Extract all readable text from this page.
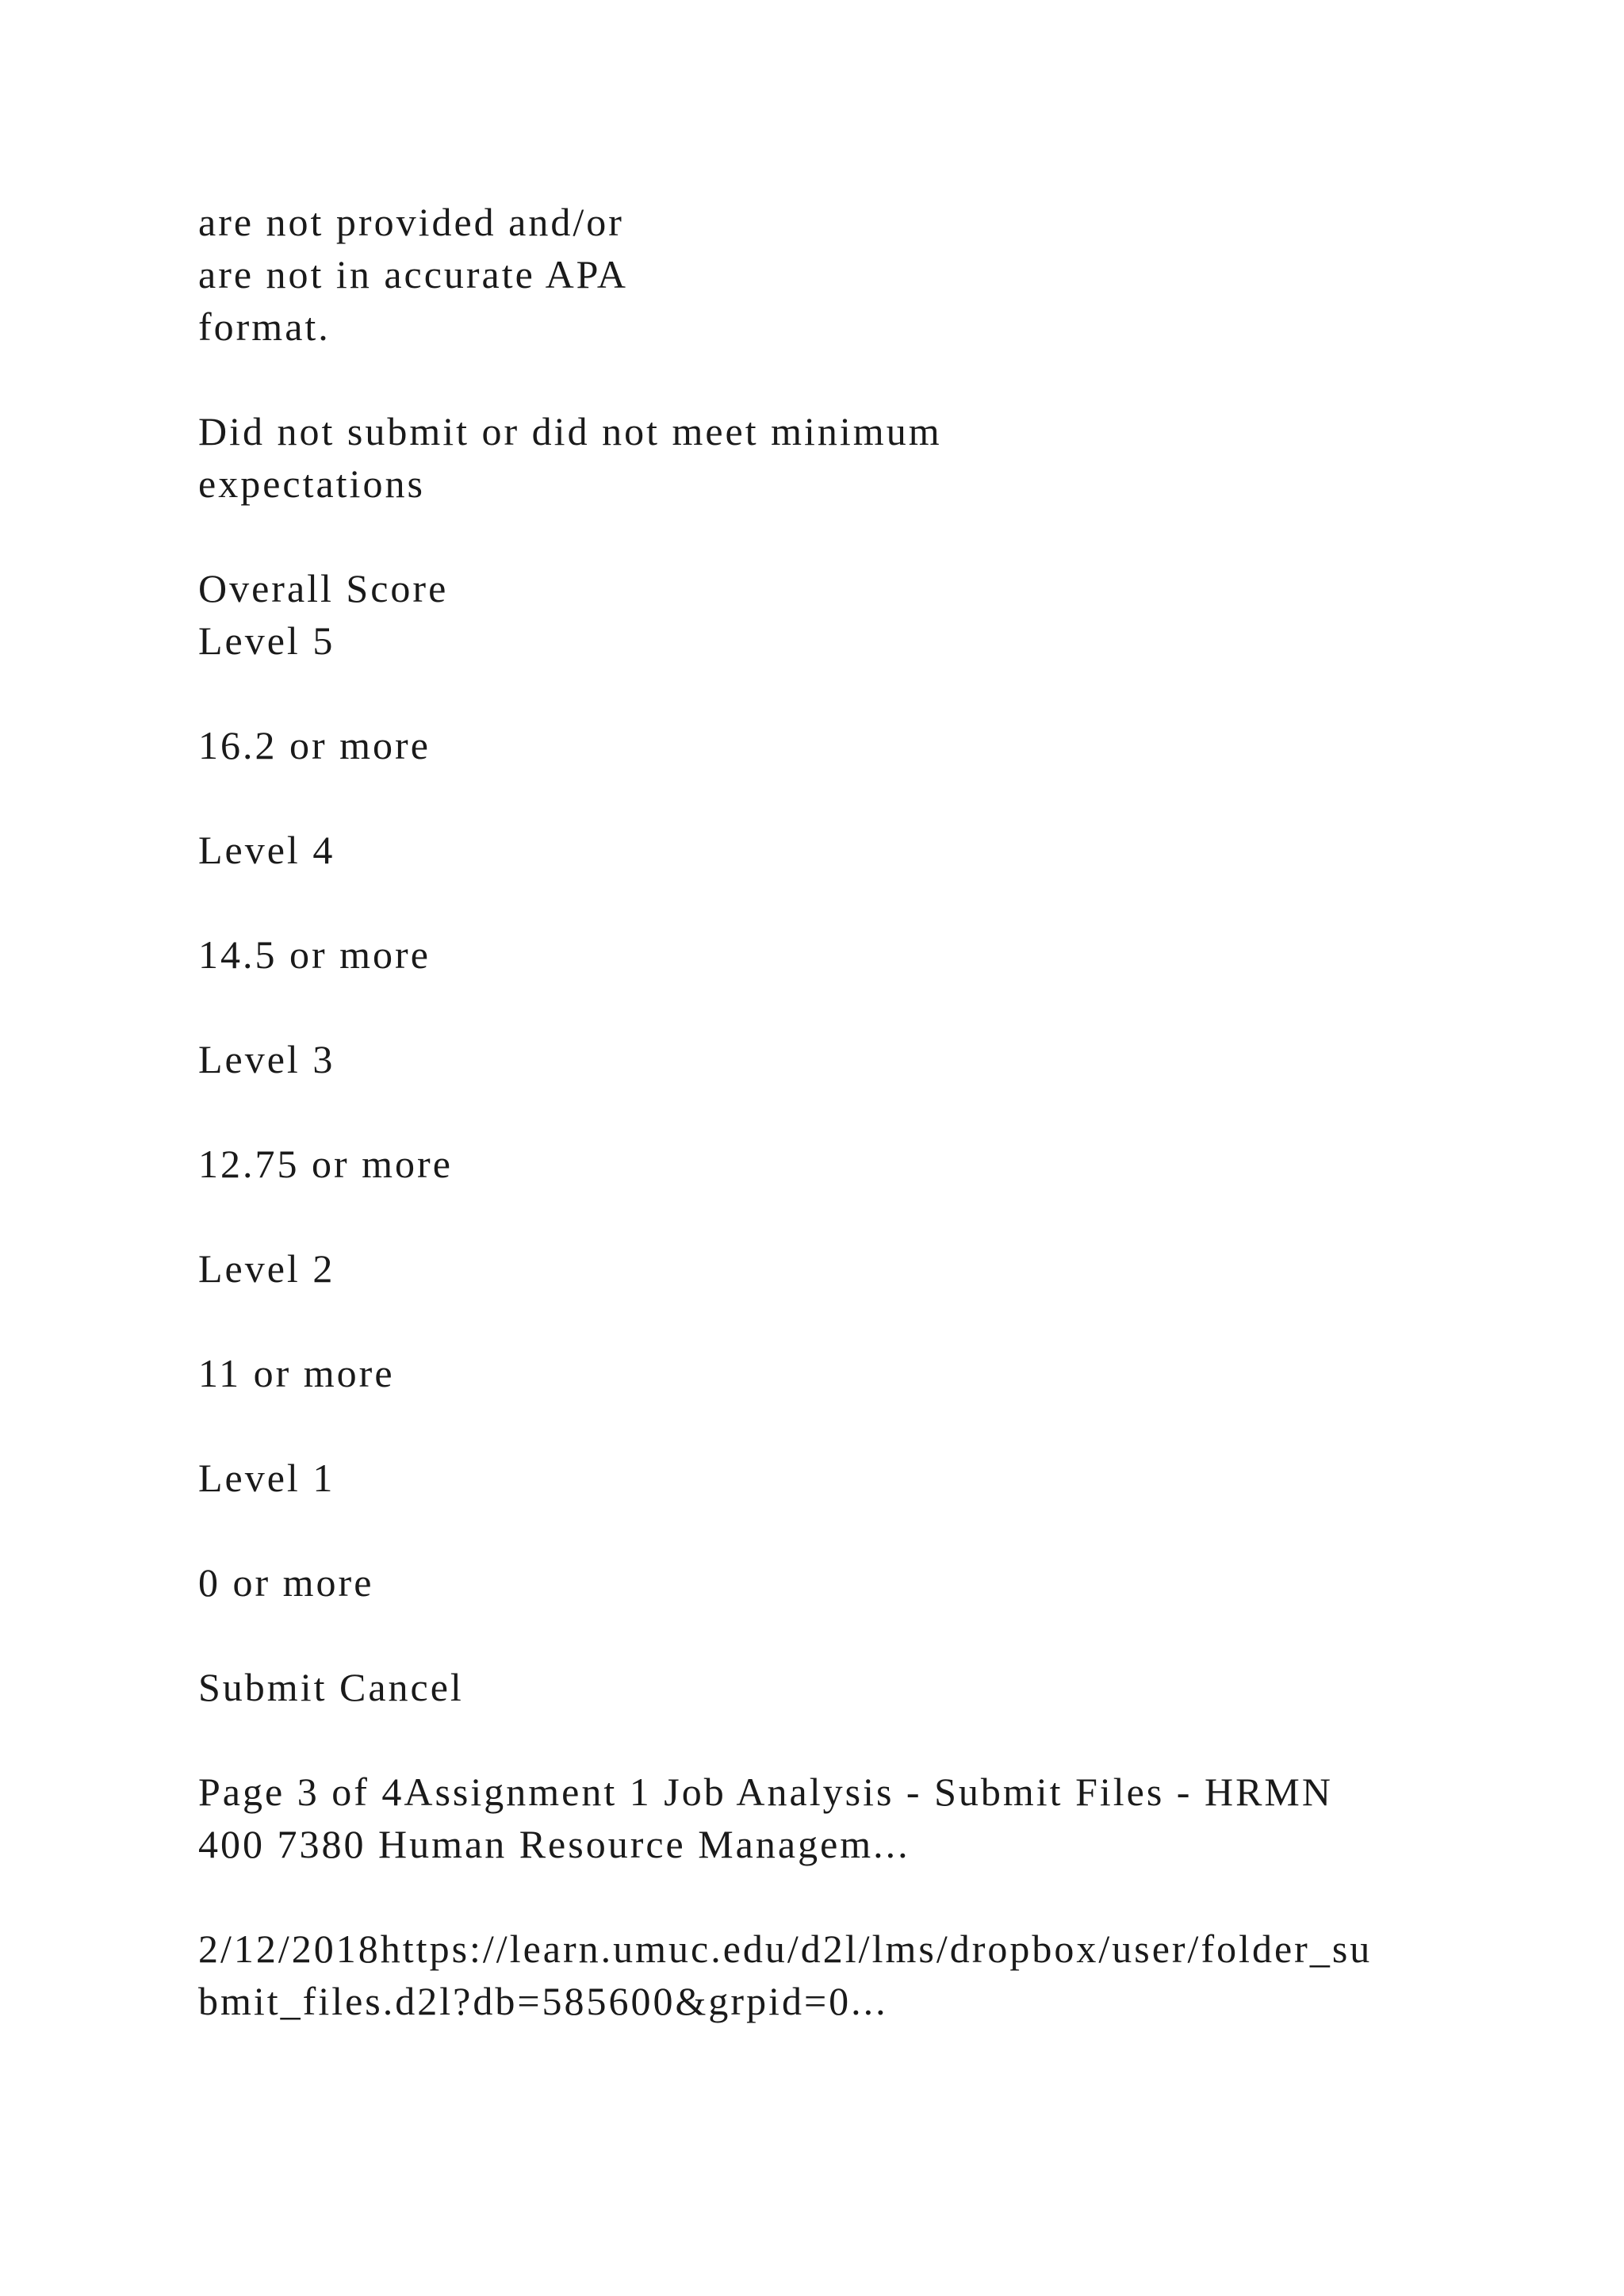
are not provided and/or

are not in accurate APA

format.

Did not submit or did not meet minimum

expectations

Overall Score

Level 5

16.2 or more

Level 4

14.5 or more

Level 3

12.75 or more

Level 2

11 or more

Level 1

0 or more

Submit Cancel

Page 3 of 4Assignment 1 Job Analysis - Submit Files - HRMN

400 7380 Human Resource Managem...

2/12/2018https://learn.umuc.edu/d2l/lms/dropbox/user/folder_su

bmit_files.d2l?db=585600&grpid=0...
